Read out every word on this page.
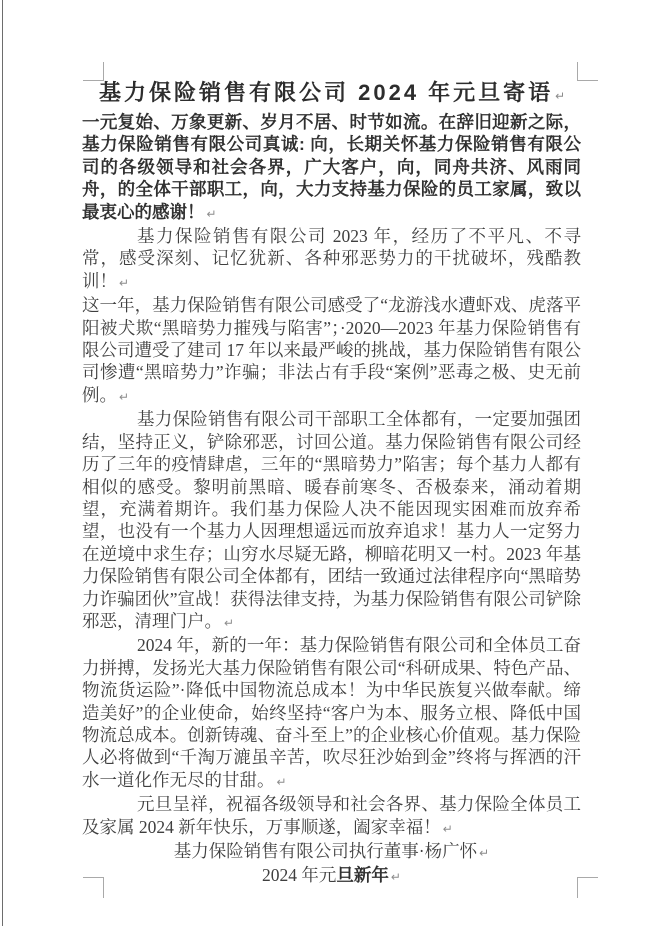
基力保险销售有限公司 2024 年元旦寄语 ↵
一元复始、万象更新、岁月不居、时节如流。在辞旧迎新之际，基力保险销售有限公司真诚: 向，长期关怀基力保险销售有限公司的各级领导和社会各界，广大客户，向，同舟共济、风雨同舟，的全体干部职工，向，大力支持基力保险的员工家属，致以最衷心的感谢！ ↵
基力保险销售有限公司 2023 年，经历了不平凡、不寻常，感受深刻、记忆犹新、各种邪恶势力的干扰破坏，残酷教训！ ↵
这一年，基力保险销售有限公司感受了“龙游浅水遭虾戏、虎落平阳被犬欺“黑暗势力摧残与陷害”；·2020—2023 年基力保险销售有限公司遭受了建司 17 年以来最严峻的挑战，基力保险销售有限公司惨遭“黑暗势力”诈骗；非法占有手段“案例”恶毒之极、史无前例。 ↵
基力保险销售有限公司干部职工全体都有，一定要加强团结，坚持正义，铲除邪恶，讨回公道。基力保险销售有限公司经历了三年的疫情肆虐，三年的“黑暗势力”陷害；每个基力人都有相似的感受。黎明前黑暗、暖春前寒冬、否极泰来，涌动着期望，充满着期许。我们基力保险人决不能因现实困难而放弃希望，也没有一个基力人因理想遥远而放弃追求！基力人一定努力在逆境中求生存；山穷水尽疑无路，柳暗花明又一村。2023 年基力保险销售有限公司全体都有，团结一致通过法律程序向“黑暗势力诈骗团伙”宣战！获得法律支持，为基力保险销售有限公司铲除邪恶，清理门户。 ↵
2024 年，新的一年：基力保险销售有限公司和全体员工奋力拼搏，发扬光大基力保险销售有限公司“科研成果、特色产品、物流货运险”·降低中国物流总成本！为中华民族复兴做奉献。缔造美好”的企业使命，始终坚持“客户为本、服务立根、降低中国物流总成本。创新铸魂、奋斗至上”的企业核心价值观。基力保险人必将做到“千淘万漉虽辛苦，吹尽狂沙始到金”终将与挥洒的汗水一道化作无尽的甘甜。 ↵
元旦呈祥，祝福各级领导和社会各界、基力保险全体员工及家属 2024 新年快乐，万事顺遂，阖家幸福！ ↵
基力保险销售有限公司执行董事·杨广怀 ↵
2024 年元旦新年 ↵
